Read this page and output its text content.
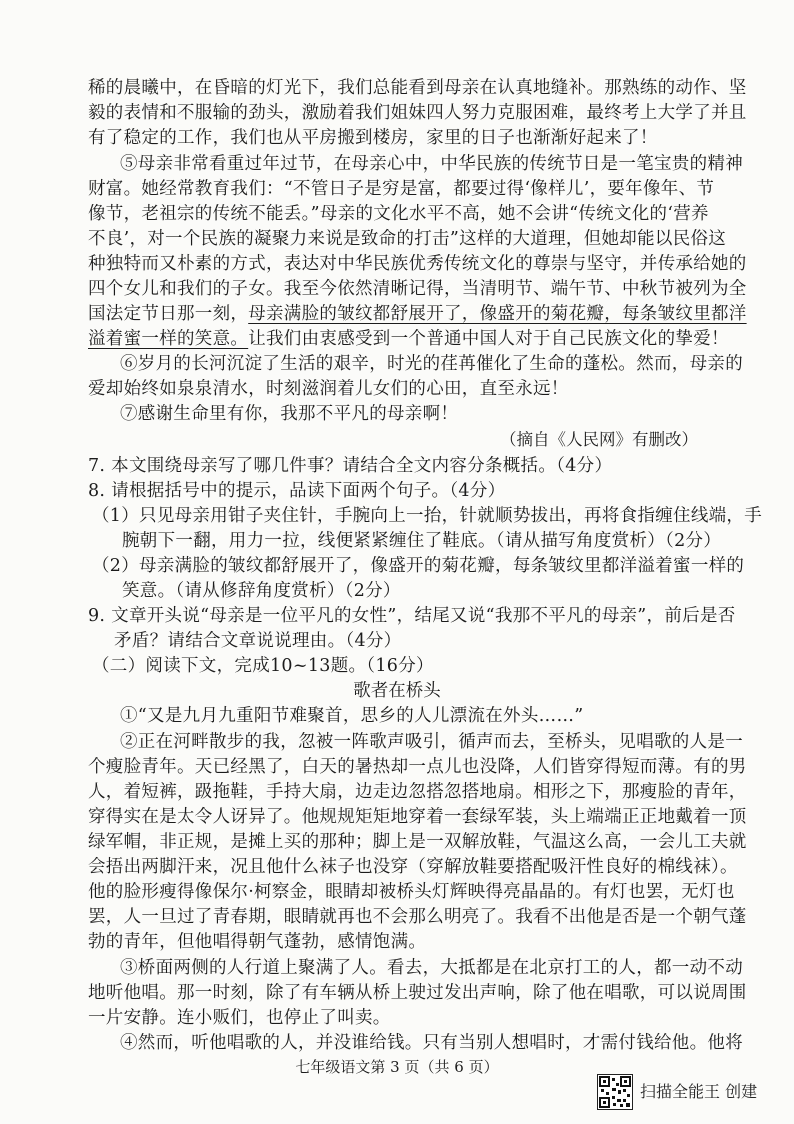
稀的晨曦中，在昏暗的灯光下，我们总能看到母亲在认真地缝补。那熟练的动作、坚
毅的表情和不服输的劲头，激励着我们姐妹四人努力克服困难，最终考上大学了并且
有了稳定的工作，我们也从平房搬到楼房，家里的日子也渐渐好起来了！
⑤母亲非常看重过年过节，在母亲心中，中华民族的传统节日是一笔宝贵的精神
财富。她经常教育我们：“不管日子是穷是富，都要过得‘像样儿’，要年像年、节
像节，老祖宗的传统不能丢。”母亲的文化水平不高，她不会讲“传统文化的‘营养
不良’，对一个民族的凝聚力来说是致命的打击”这样的大道理，但她却能以民俗这
种独特而又朴素的方式，表达对中华民族优秀传统文化的尊崇与坚守，并传承给她的
四个女儿和我们的子女。我至今依然清晰记得，当清明节、端午节、中秋节被列为全
国法定节日那一刻，母亲满脸的皱纹都舒展开了，像盛开的菊花瓣，每条皱纹里都洋
溢着蜜一样的笑意。让我们由衷感受到一个普通中国人对于自己民族文化的挚爱！
⑥岁月的长河沉淀了生活的艰辛，时光的荏苒催化了生命的蓬松。然而，母亲的
爱却始终如泉泉清水，时刻滋润着儿女们的心田，直至永远！
⑦感谢生命里有你，我那不平凡的母亲啊！
（摘自《人民网》有删改）
7. 本文围绕母亲写了哪几件事？请结合全文内容分条概括。（4分）
8. 请根据括号中的提示，品读下面两个句子。（4分）
（1）只见母亲用钳子夹住针，手腕向上一抬，针就顺势拔出，再将食指缠住线端，手
腕朝下一翻，用力一拉，线便紧紧缠住了鞋底。（请从描写角度赏析）（2分）
（2）母亲满脸的皱纹都舒展开了，像盛开的菊花瓣，每条皱纹里都洋溢着蜜一样的
笑意。（请从修辞角度赏析）（2分）
9. 文章开头说“母亲是一位平凡的女性”，结尾又说“我那不平凡的母亲”，前后是否
矛盾？请结合文章说说理由。（4分）
（二）阅读下文，完成10~13题。（16分）
歌者在桥头
①“又是九月九重阳节难聚首，思乡的人儿漂流在外头……”
②正在河畔散步的我，忽被一阵歌声吸引，循声而去，至桥头，见唱歌的人是一
个瘦脸青年。天已经黑了，白天的暑热却一点儿也没降，人们皆穿得短而薄。有的男
人，着短裤，趿拖鞋，手持大扇，边走边忽搭忽搭地扇。相形之下，那瘦脸的青年，
穿得实在是太令人讶异了。他规规矩矩地穿着一套绿军装，头上端端正正地戴着一顶
绿军帽，非正规，是摊上买的那种；脚上是一双解放鞋，气温这么高，一会儿工夫就
会捂出两脚汗来，况且他什么袜子也没穿（穿解放鞋要搭配吸汗性良好的棉线袜）。
他的脸形瘦得像保尔·柯察金，眼睛却被桥头灯辉映得亮晶晶的。有灯也罢，无灯也
罢，人一旦过了青春期，眼睛就再也不会那么明亮了。我看不出他是否是一个朝气蓬
勃的青年，但他唱得朝气蓬勃，感情饱满。
③桥面两侧的人行道上聚满了人。看去，大抵都是在北京打工的人，都一动不动
地听他唱。那一时刻，除了有车辆从桥上驶过发出声响，除了他在唱歌，可以说周围
一片安静。连小贩们，也停止了叫卖。
④然而，听他唱歌的人，并没谁给钱。只有当别人想唱时，才需付钱给他。他将
七年级语文第 3 页（共 6 页）
扫描全能王 创建
